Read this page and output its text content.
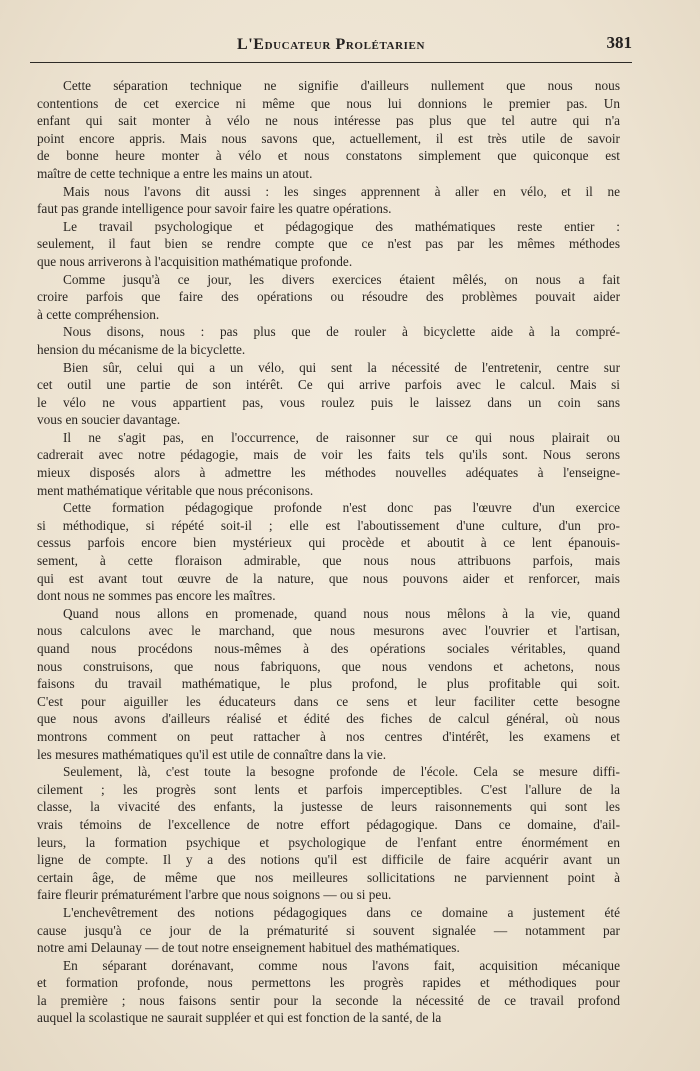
L'Educateur Prolétarien	381
Cette séparation technique ne signifie d'ailleurs nullement que nous nous
contentions de cet exercice ni même que nous lui donnions le premier pas. Un
enfant qui sait monter à vélo ne nous intéresse pas plus que tel autre qui n'a
point encore appris. Mais nous savons que, actuellement, il est très utile de savoir
de bonne heure monter à vélo et nous constatons simplement que quiconque est
maître de cette technique a entre les mains un atout.
Mais nous l'avons dit aussi : les singes apprennent à aller en vélo, et il ne
faut pas grande intelligence pour savoir faire les quatre opérations.
Le travail psychologique et pédagogique des mathématiques reste entier :
seulement, il faut bien se rendre compte que ce n'est pas par les mêmes méthodes
que nous arriverons à l'acquisition mathématique profonde.
Comme jusqu'à ce jour, les divers exercices étaient mêlés, on nous a fait
croire parfois que faire des opérations ou résoudre des problèmes pouvait aider
à cette compréhension.
Nous disons, nous : pas plus que de rouler à bicyclette aide à la compré-
hension du mécanisme de la bicyclette.
Bien sûr, celui qui a un vélo, qui sent la nécessité de l'entretenir, centre sur
cet outil une partie de son intérêt. Ce qui arrive parfois avec le calcul. Mais si
le vélo ne vous appartient pas, vous roulez puis le laissez dans un coin sans
vous en soucier davantage.
Il ne s'agit pas, en l'occurrence, de raisonner sur ce qui nous plairait ou
cadrerait avec notre pédagogie, mais de voir les faits tels qu'ils sont. Nous serons
mieux disposés alors à admettre les méthodes nouvelles adéquates à l'enseigne-
ment mathématique véritable que nous préconisons.
Cette formation pédagogique profonde n'est donc pas l'œuvre d'un exercice
si méthodique, si répété soit-il ; elle est l'aboutissement d'une culture, d'un pro-
cessus parfois encore bien mystérieux qui procède et aboutit à ce lent épanouis-
sement, à cette floraison admirable, que nous nous attribuons parfois, mais
qui est avant tout œuvre de la nature, que nous pouvons aider et renforcer, mais
dont nous ne sommes pas encore les maîtres.
Quand nous allons en promenade, quand nous nous mêlons à la vie, quand
nous calculons avec le marchand, que nous mesurons avec l'ouvrier et l'artisan,
quand nous procédons nous-mêmes à des opérations sociales véritables, quand
nous construisons, que nous fabriquons, que nous vendons et achetons, nous
faisons du travail mathématique, le plus profond, le plus profitable qui soit.
C'est pour aiguiller les éducateurs dans ce sens et leur faciliter cette besogne
que nous avons d'ailleurs réalisé et édité des fiches de calcul général, où nous
montrons comment on peut rattacher à nos centres d'intérêt, les examens et
les mesures mathématiques qu'il est utile de connaître dans la vie.
Seulement, là, c'est toute la besogne profonde de l'école. Cela se mesure diffi-
cilement ; les progrès sont lents et parfois imperceptibles. C'est l'allure de la
classe, la vivacité des enfants, la justesse de leurs raisonnements qui sont les
vrais témoins de l'excellence de notre effort pédagogique. Dans ce domaine, d'ail-
leurs, la formation psychique et psychologique de l'enfant entre énormément en
ligne de compte. Il y a des notions qu'il est difficile de faire acquérir avant un
certain âge, de même que nos meilleures sollicitations ne parviennent point à
faire fleurir prématurément l'arbre que nous soignons — ou si peu.
L'enchevêtrement des notions pédagogiques dans ce domaine a justement été
cause jusqu'à ce jour de la prématurité si souvent signalée — notamment par
notre ami Delaunay — de tout notre enseignement habituel des mathématiques.
En séparant dorénavant, comme nous l'avons fait, acquisition mécanique
et formation profonde, nous permettons les progrès rapides et méthodiques pour
la première ; nous faisons sentir pour la seconde la nécessité de ce travail profond
auquel la scolastique ne saurait suppléer et qui est fonction de la santé, de la
